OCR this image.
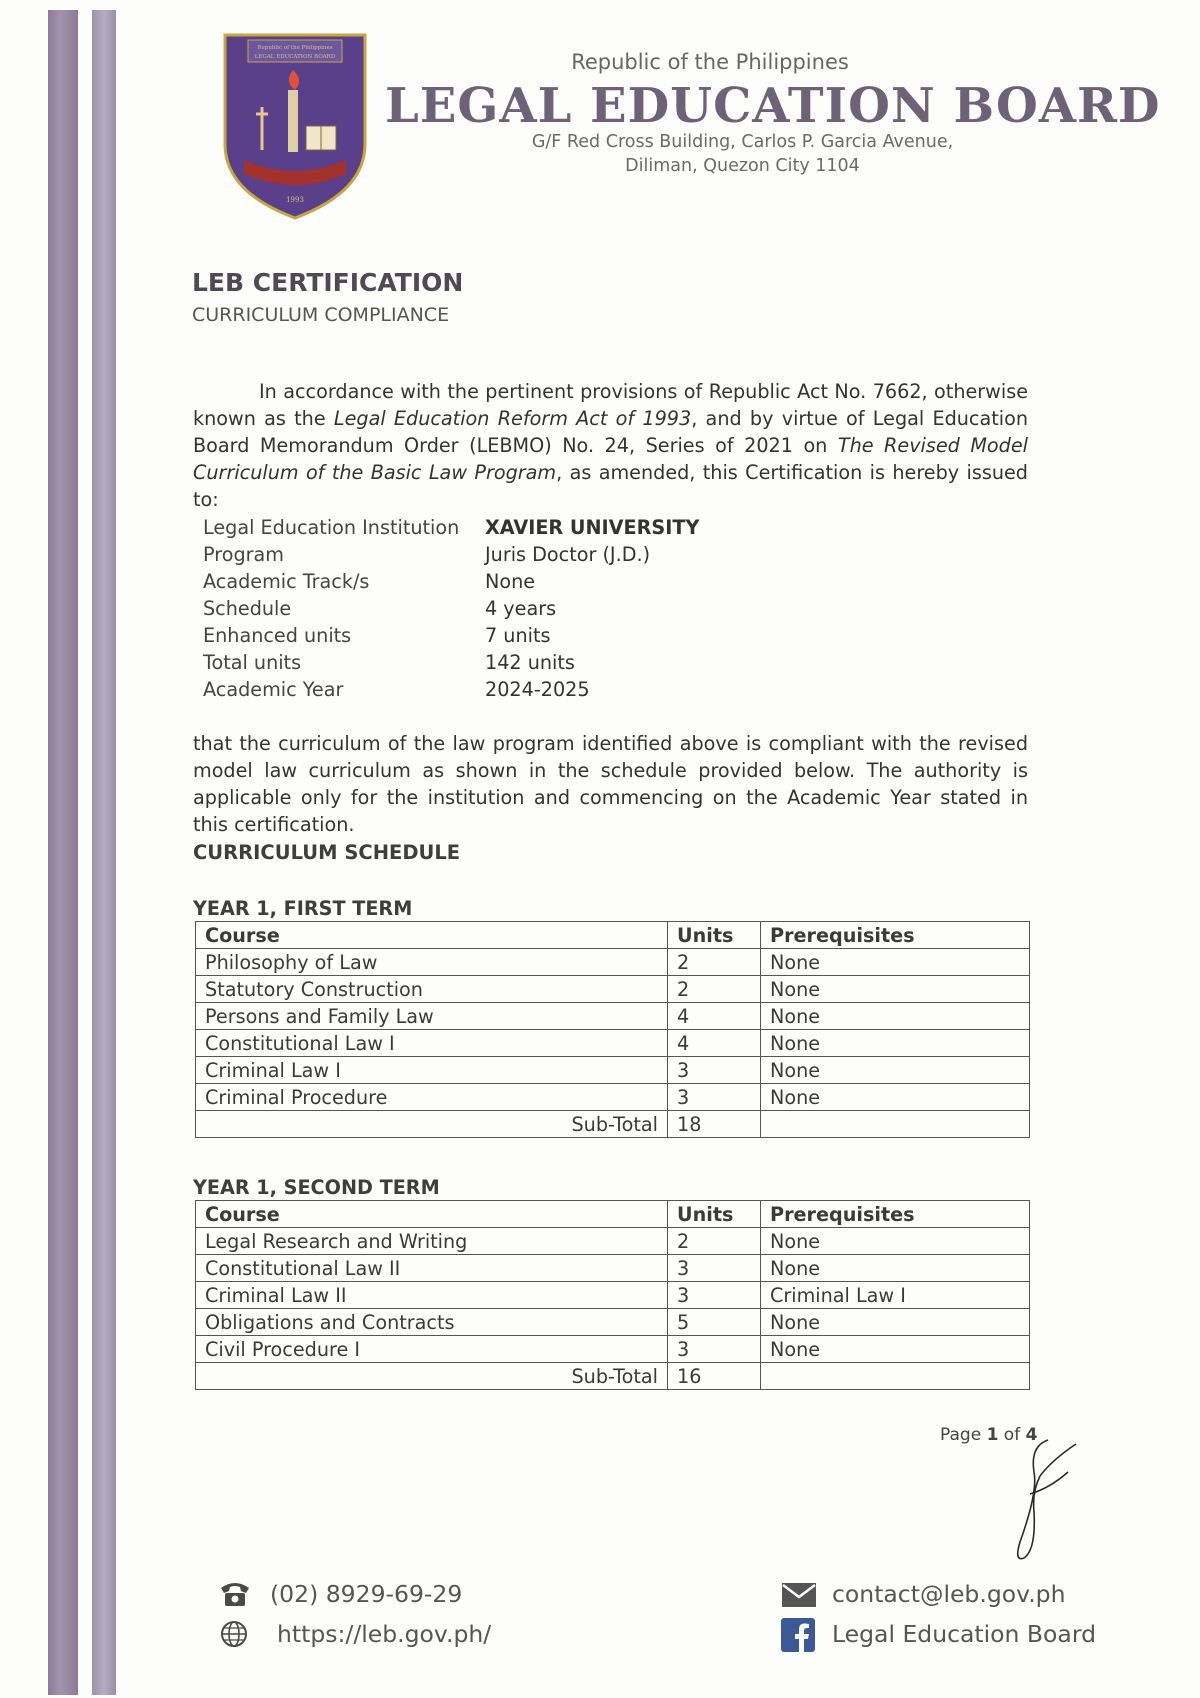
Republic of the Philippines
LEGAL EDUCATION BOARD
1993
Republic of the Philippines
LEGAL EDUCATION BOARD
G/F Red Cross Building, Carlos P. Garcia Avenue,
Diliman, Quezon City 1104
LEB CERTIFICATION
CURRICULUM COMPLIANCE
In accordance with the pertinent provisions of Republic Act No. 7662, otherwise known as the Legal Education Reform Act of 1993, and by virtue of Legal Education Board Memorandum Order (LEBMO) No. 24, Series of 2021 on The Revised Model Curriculum of the Basic Law Program, as amended, this Certification is hereby issued to:
Legal Education Institution	XAVIER UNIVERSITY
Program	Juris Doctor (J.D.)
Academic Track/s	None
Schedule	4 years
Enhanced units	7 units
Total units	142 units
Academic Year	2024-2025
that the curriculum of the law program identified above is compliant with the revised model law curriculum as shown in the schedule provided below. The authority is applicable only for the institution and commencing on the Academic Year stated in this certification.
CURRICULUM SCHEDULE
YEAR 1, FIRST TERM
Course	Units	Prerequisites
Philosophy of Law	2	None
Statutory Construction	2	None
Persons and Family Law	4	None
Constitutional Law I	4	None
Criminal Law I	3	None
Criminal Procedure	3	None
Sub-Total	18	
YEAR 1, SECOND TERM
Course	Units	Prerequisites
Legal Research and Writing	2	None
Constitutional Law II	3	None
Criminal Law II	3	Criminal Law I
Obligations and Contracts	5	None
Civil Procedure I	3	None
Sub-Total	16	
Page 1 of 4
(02) 8929-69-29
https://leb.gov.ph/
contact@leb.gov.ph
Legal Education Board
